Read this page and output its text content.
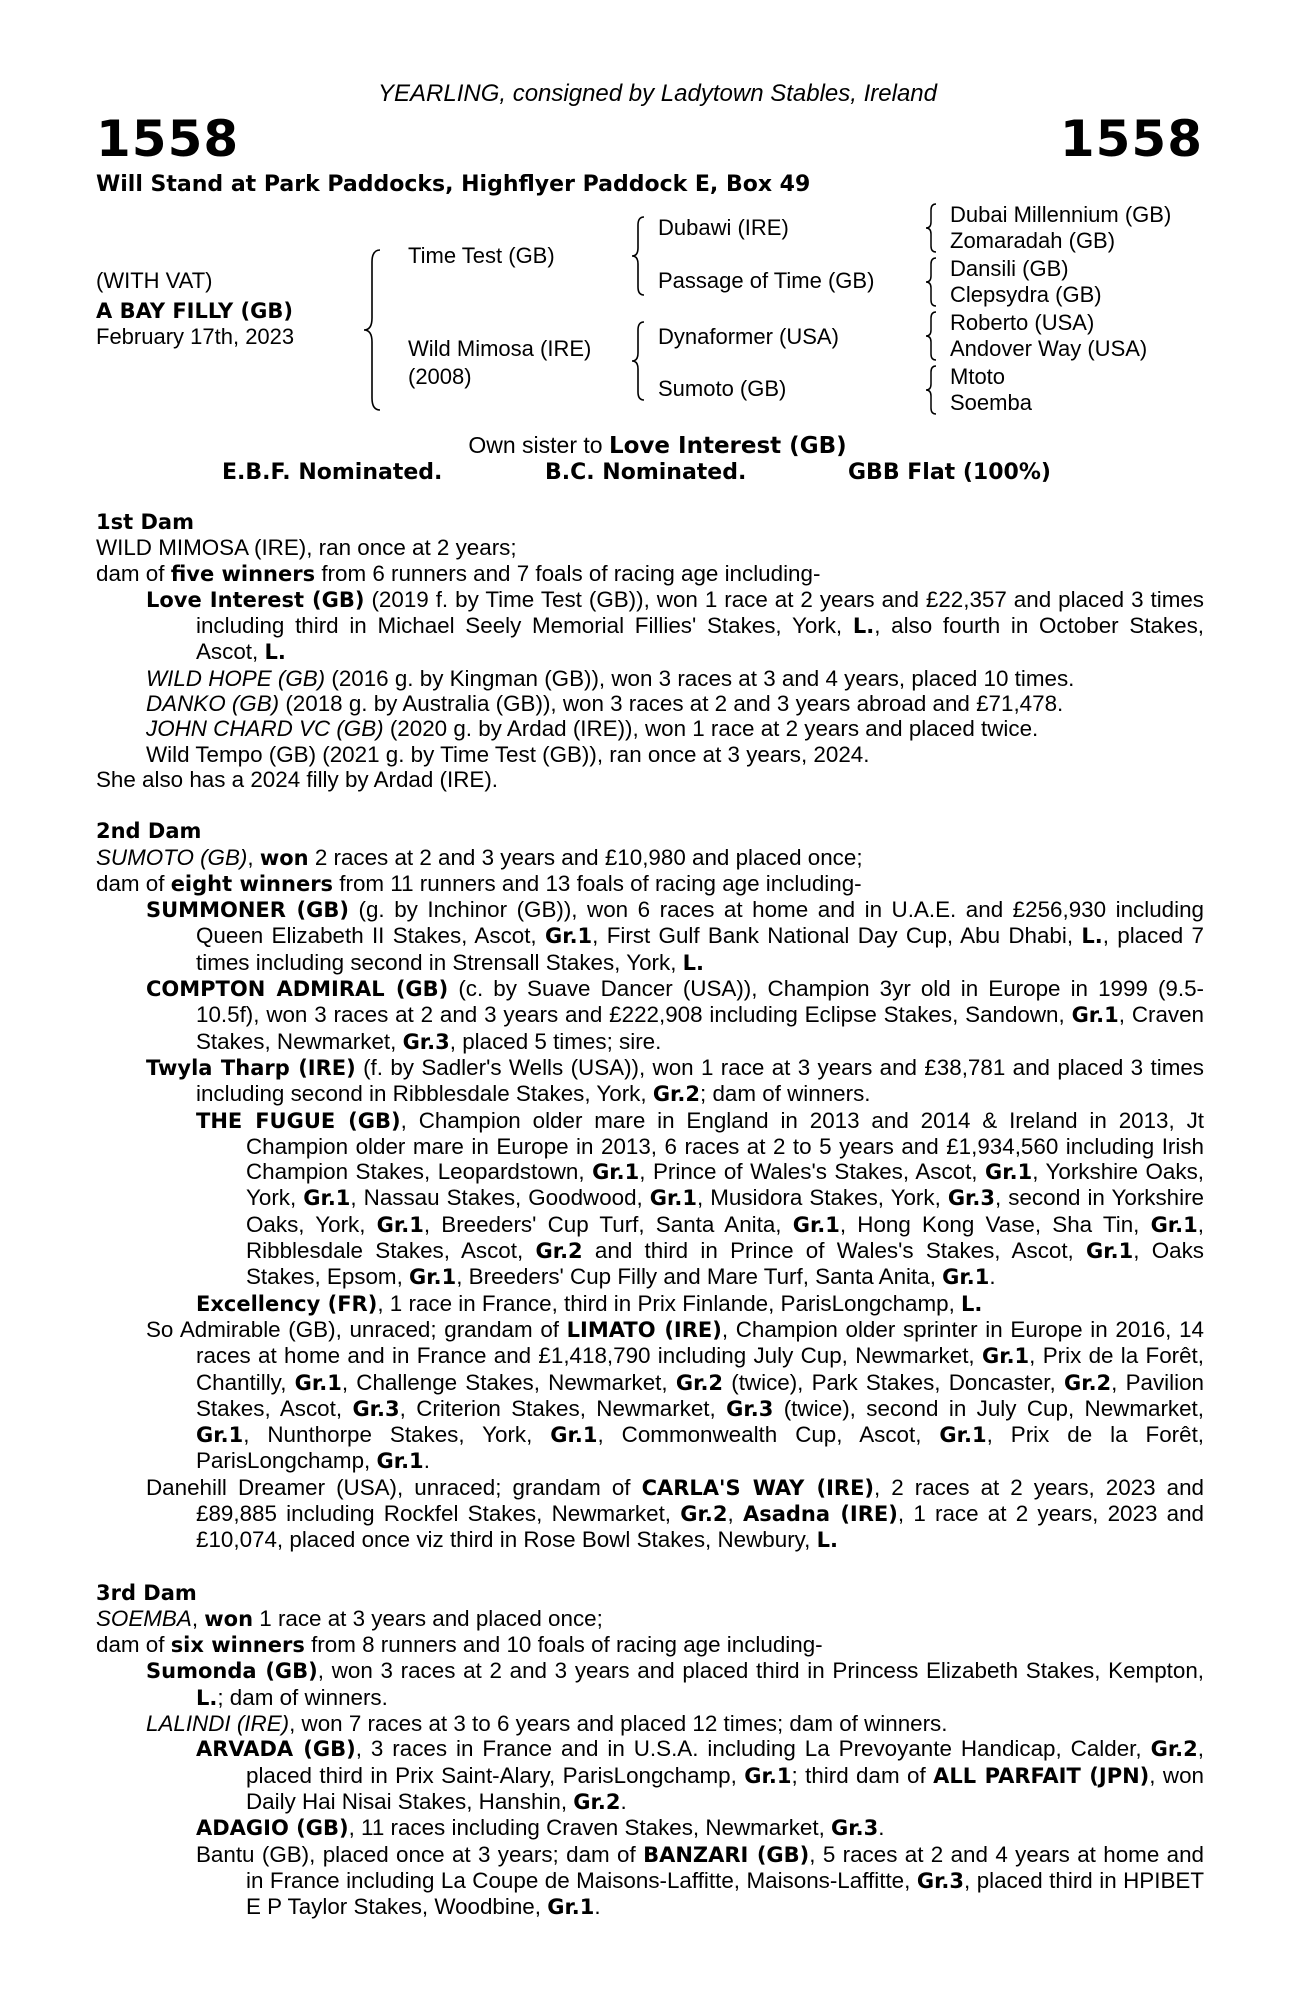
YEARLING, consigned by Ladytown Stables, Ireland
1558	1558
Will Stand at Park Paddocks, Highflyer Paddock E, Box 49
(WITH VAT)
A BAY FILLY (GB)
February 17th, 2023
Time Test (GB)
Wild Mimosa (IRE)
(2008)
Dubawi (IRE)
Passage of Time (GB)
Dynaformer (USA)
Sumoto (GB)
Dubai Millennium (GB)
Zomaradah (GB)
Dansili (GB)
Clepsydra (GB)
Roberto (USA)
Andover Way (USA)
Mtoto
Soemba
Own sister to Love Interest (GB)
E.B.F. Nominated.	B.C. Nominated.	GBB Flat (100%)

1st Dam

WILD MIMOSA (IRE), ran once at 2 years;

dam of five winners from 6 runners and 7 foals of racing age including-

Love Interest (GB) (2019 f. by Time Test (GB)), won 1 race at 2 years and £22,357 and placed 3 times including third in Michael Seely Memorial Fillies' Stakes, York, L., also fourth in October Stakes, Ascot, L.

WILD HOPE (GB) (2016 g. by Kingman (GB)), won 3 races at 3 and 4 years, placed 10 times.

DANKO (GB) (2018 g. by Australia (GB)), won 3 races at 2 and 3 years abroad and £71,478.

JOHN CHARD VC (GB) (2020 g. by Ardad (IRE)), won 1 race at 2 years and placed twice.

Wild Tempo (GB) (2021 g. by Time Test (GB)), ran once at 3 years, 2024.

She also has a 2024 filly by Ardad (IRE).

2nd Dam

SUMOTO (GB), won 2 races at 2 and 3 years and £10,980 and placed once;

dam of eight winners from 11 runners and 13 foals of racing age including-

SUMMONER (GB) (g. by Inchinor (GB)), won 6 races at home and in U.A.E. and £256,930 including Queen Elizabeth II Stakes, Ascot, Gr.1, First Gulf Bank National Day Cup, Abu Dhabi, L., placed 7 times including second in Strensall Stakes, York, L.

COMPTON ADMIRAL (GB) (c. by Suave Dancer (USA)), Champion 3yr old in Europe in 1999 (9.5-10.5f), won 3 races at 2 and 3 years and £222,908 including Eclipse Stakes, Sandown, Gr.1, Craven Stakes, Newmarket, Gr.3, placed 5 times; sire.

Twyla Tharp (IRE) (f. by Sadler's Wells (USA)), won 1 race at 3 years and £38,781 and placed 3 times including second in Ribblesdale Stakes, York, Gr.2; dam of winners.

THE FUGUE (GB), Champion older mare in England in 2013 and 2014 & Ireland in 2013, Jt Champion older mare in Europe in 2013, 6 races at 2 to 5 years and £1,934,560 including Irish Champion Stakes, Leopardstown, Gr.1, Prince of Wales's Stakes, Ascot, Gr.1, Yorkshire Oaks, York, Gr.1, Nassau Stakes, Goodwood, Gr.1, Musidora Stakes, York, Gr.3, second in Yorkshire Oaks, York, Gr.1, Breeders' Cup Turf, Santa Anita, Gr.1, Hong Kong Vase, Sha Tin, Gr.1, Ribblesdale Stakes, Ascot, Gr.2 and third in Prince of Wales's Stakes, Ascot, Gr.1, Oaks Stakes, Epsom, Gr.1, Breeders' Cup Filly and Mare Turf, Santa Anita, Gr.1.

Excellency (FR), 1 race in France, third in Prix Finlande, ParisLongchamp, L.

So Admirable (GB), unraced; grandam of LIMATO (IRE), Champion older sprinter in Europe in 2016, 14 races at home and in France and £1,418,790 including July Cup, Newmarket, Gr.1, Prix de la Forêt, Chantilly, Gr.1, Challenge Stakes, Newmarket, Gr.2 (twice), Park Stakes, Doncaster, Gr.2, Pavilion Stakes, Ascot, Gr.3, Criterion Stakes, Newmarket, Gr.3 (twice), second in July Cup, Newmarket, Gr.1, Nunthorpe Stakes, York, Gr.1, Commonwealth Cup, Ascot, Gr.1, Prix de la Forêt, ParisLongchamp, Gr.1.

Danehill Dreamer (USA), unraced; grandam of CARLA'S WAY (IRE), 2 races at 2 years, 2023 and £89,885 including Rockfel Stakes, Newmarket, Gr.2, Asadna (IRE), 1 race at 2 years, 2023 and £10,074, placed once viz third in Rose Bowl Stakes, Newbury, L.

3rd Dam

SOEMBA, won 1 race at 3 years and placed once;

dam of six winners from 8 runners and 10 foals of racing age including-

Sumonda (GB), won 3 races at 2 and 3 years and placed third in Princess Elizabeth Stakes, Kempton, L.; dam of winners.

LALINDI (IRE), won 7 races at 3 to 6 years and placed 12 times; dam of winners.

ARVADA (GB), 3 races in France and in U.S.A. including La Prevoyante Handicap, Calder, Gr.2, placed third in Prix Saint-Alary, ParisLongchamp, Gr.1; third dam of ALL PARFAIT (JPN), won Daily Hai Nisai Stakes, Hanshin, Gr.2.

ADAGIO (GB), 11 races including Craven Stakes, Newmarket, Gr.3.

Bantu (GB), placed once at 3 years; dam of BANZARI (GB), 5 races at 2 and 4 years at home and in France including La Coupe de Maisons-Laffitte, Maisons-Laffitte, Gr.3, placed third in HPIBET E P Taylor Stakes, Woodbine, Gr.1.
